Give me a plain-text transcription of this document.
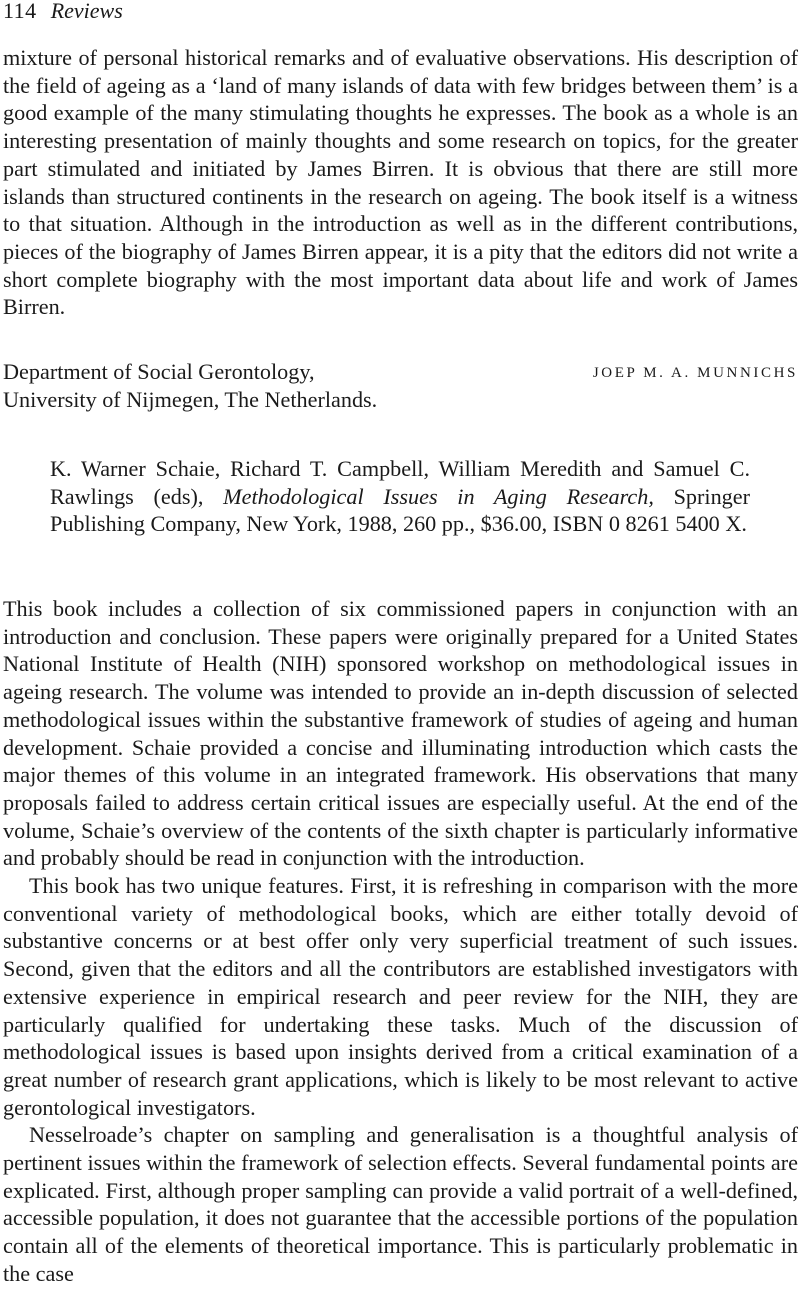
114 Reviews

mixture of personal historical remarks and of evaluative observations. His description of the field of ageing as a ‘land of many islands of data with few bridges between them’ is a good example of the many stimulating thoughts he expresses. The book as a whole is an interesting presentation of mainly thoughts and some research on topics, for the greater part stimulated and initiated by James Birren. It is obvious that there are still more islands than structured continents in the research on ageing. The book itself is a witness to that situation. Although in the introduction as well as in the different contributions, pieces of the biography of James Birren appear, it is a pity that the editors did not write a short complete biography with the most important data about life and work of James Birren.

Department of Social Gerontology,
University of Nijmegen, The Netherlands.
JOEP M. A. MUNNICHS
K. Warner Schaie, Richard T. Campbell, William Meredith and Samuel C. Rawlings (eds), Methodological Issues in Aging Research, Springer Publishing Company, New York, 1988, 260 pp., $36.00, ISBN 0 8261 5400 X.

This book includes a collection of six commissioned papers in conjunction with an introduction and conclusion. These papers were originally prepared for a United States National Institute of Health (NIH) sponsored workshop on methodological issues in ageing research. The volume was intended to provide an in-depth discussion of selected methodological issues within the substantive framework of studies of ageing and human development. Schaie provided a concise and illuminating introduction which casts the major themes of this volume in an integrated framework. His observations that many proposals failed to address certain critical issues are especially useful. At the end of the volume, Schaie’s overview of the contents of the sixth chapter is particularly informative and probably should be read in conjunction with the introduction.

This book has two unique features. First, it is refreshing in comparison with the more conventional variety of methodological books, which are either totally devoid of substantive concerns or at best offer only very superficial treatment of such issues. Second, given that the editors and all the contributors are established investigators with extensive experience in empirical research and peer review for the NIH, they are particularly qualified for undertaking these tasks. Much of the discussion of methodological issues is based upon insights derived from a critical examination of a great number of research grant applications, which is likely to be most relevant to active gerontological investigators.

Nesselroade’s chapter on sampling and generalisation is a thoughtful analysis of pertinent issues within the framework of selection effects. Several fundamental points are explicated. First, although proper sampling can provide a valid portrait of a well-defined, accessible population, it does not guarantee that the accessible portions of the population contain all of the elements of theoretical importance. This is particularly problematic in the case
